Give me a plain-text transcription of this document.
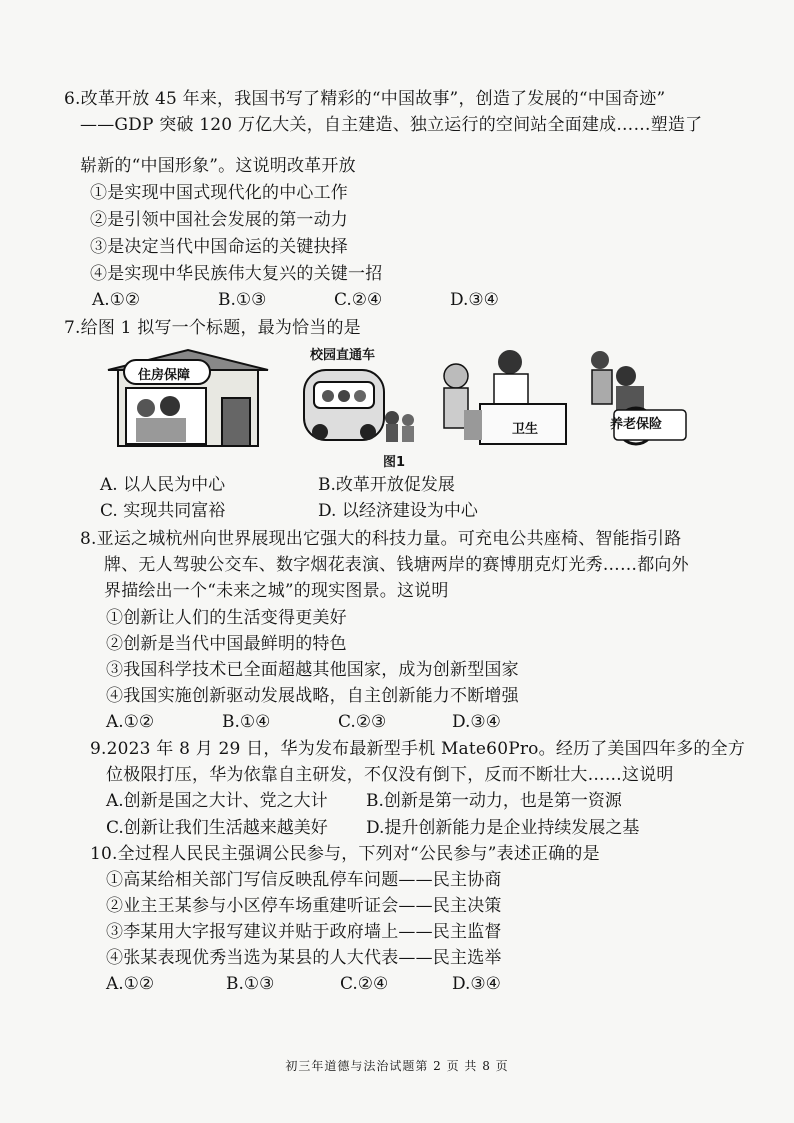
6.改革开放 45 年来，我国书写了精彩的“中国故事”，创造了发展的“中国奇迹”
——GDP 突破 120 万亿大关，自主建造、独立运行的空间站全面建成……塑造了
崭新的“中国形象”。这说明改革开放
①是实现中国式现代化的中心工作
②是引领中国社会发展的第一动力
③是决定当代中国命运的关键抉择
④是实现中华民族伟大复兴的关键一招
A.①②	B.①③	C.②④	D.③④
7.给图 1 拟写一个标题，最为恰当的是
住房保障
校园直通车
卫生	养老保险
图1
A. 以人民为中心	B.改革开放促发展
C. 实现共同富裕	D. 以经济建设为中心
8.亚运之城杭州向世界展现出它强大的科技力量。可充电公共座椅、智能指引路
牌、无人驾驶公交车、数字烟花表演、钱塘两岸的赛博朋克灯光秀……都向外
界描绘出一个“未来之城”的现实图景。这说明
①创新让人们的生活变得更美好
②创新是当代中国最鲜明的特色
③我国科学技术已全面超越其他国家，成为创新型国家
④我国实施创新驱动发展战略，自主创新能力不断增强
A.①②	B.①④	C.②③	D.③④
9.2023 年 8 月 29 日，华为发布最新型手机 Mate60Pro。经历了美国四年多的全方
位极限打压，华为依靠自主研发，不仅没有倒下，反而不断壮大……这说明
A.创新是国之大计、党之大计 B.创新是第一动力，也是第一资源
C.创新让我们生活越来越美好 D.提升创新能力是企业持续发展之基
10.全过程人民民主强调公民参与，下列对“公民参与”表述正确的是
①高某给相关部门写信反映乱停车问题——民主协商
②业主王某参与小区停车场重建听证会——民主决策
③李某用大字报写建议并贴于政府墙上——民主监督
④张某表现优秀当选为某县的人大代表——民主选举
A.①②	B.①③	C.②④	D.③④
初三年道德与法治试题第 2 页 共 8 页
